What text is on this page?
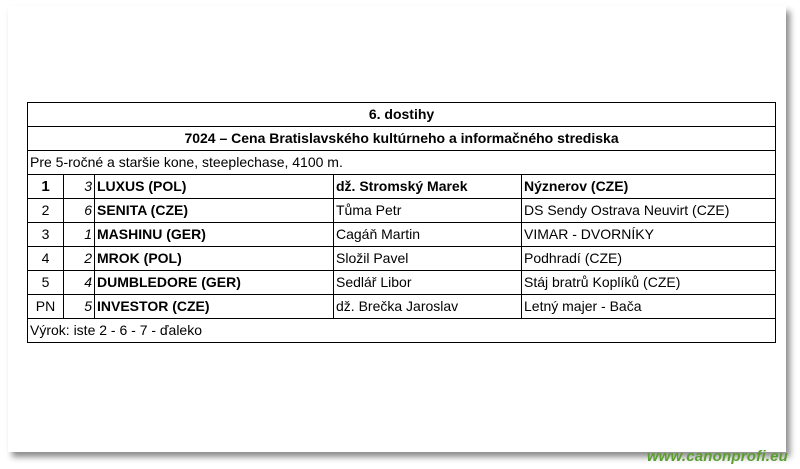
6. dostihy				
7024 – Cena Bratislavského kultúrneho a informačného strediska				
Pre 5-ročné a staršie kone, steeplechase, 4100 m.				
1	3	LUXUS (POL)	dž. Stromský Marek	Nýznerov (CZE)
2	6	SENITA (CZE)	Tůma Petr	DS Sendy Ostrava Neuvirt (CZE)
3	1	MASHINU (GER)	Cagáň Martin	VIMAR - DVORNÍKY
4	2	MROK (POL)	Složil Pavel	Podhradí (CZE)
5	4	DUMBLEDORE (GER)	Sedlář Libor	Stáj bratrů Koplíků (CZE)
PN	5	INVESTOR (CZE)	dž. Brečka Jaroslav	Letný majer - Bača
Výrok: iste 2 - 6 - 7 - ďaleko				
www.canonprofi.eu
